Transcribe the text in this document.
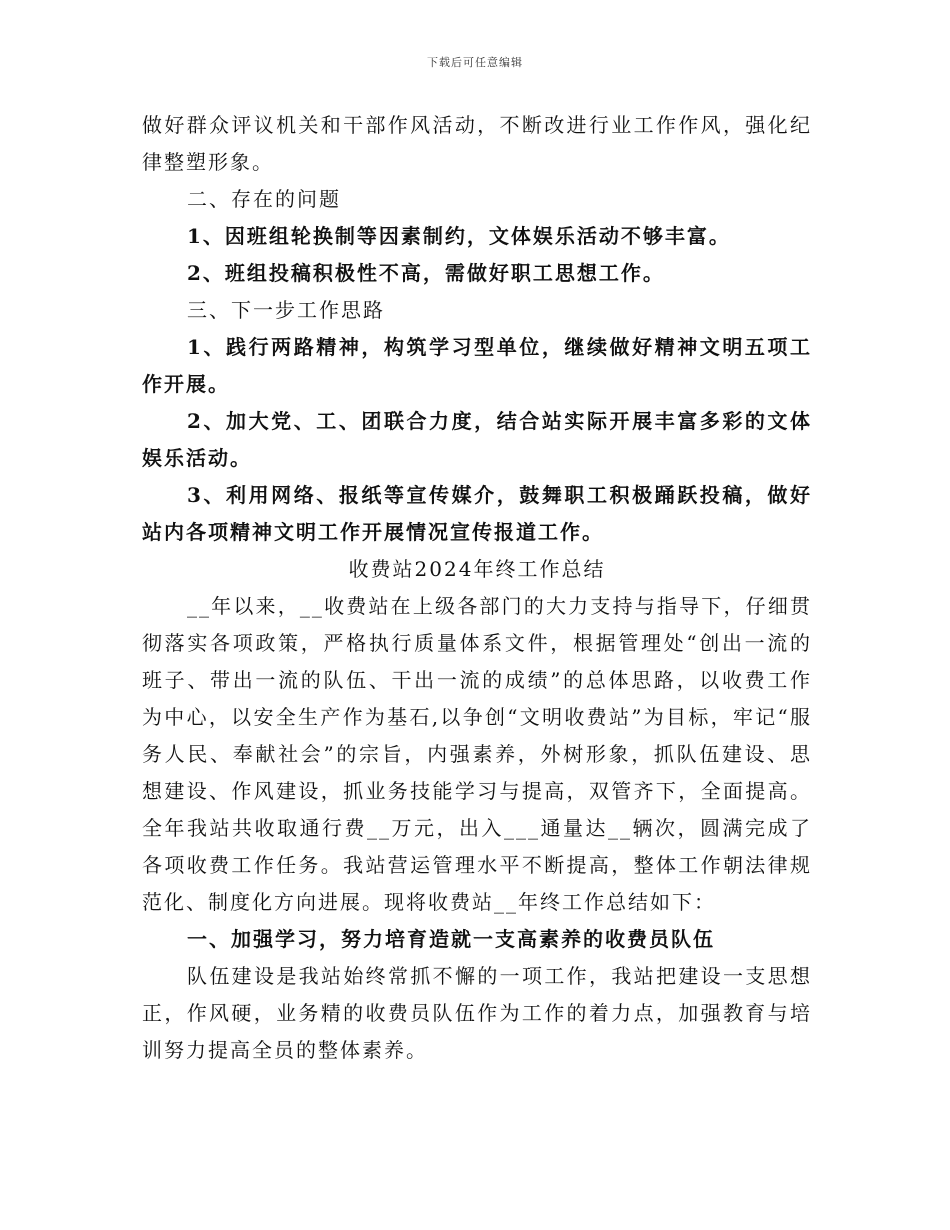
下载后可任意编辑

做好群众评议机关和干部作风活动，不断改进行业工作作风，强化纪律整塑形象。

二、存在的问题

1、因班组轮换制等因素制约，文体娱乐活动不够丰富。

2、班组投稿积极性不高，需做好职工思想工作。

三、下一步工作思路

1、践行两路精神，构筑学习型单位，继续做好精神文明五项工作开展。

2、加大党、工、团联合力度，结合站实际开展丰富多彩的文体娱乐活动。

3、利用网络、报纸等宣传媒介，鼓舞职工积极踊跃投稿，做好站内各项精神文明工作开展情况宣传报道工作。

收费站2024年终工作总结

__年以来，__收费站在上级各部门的大力支持与指导下，仔细贯彻落实各项政策，严格执行质量体系文件，根据管理处“创出一流的班子、带出一流的队伍、干出一流的成绩”的总体思路，以收费工作为中心，以安全生产作为基石,以争创“文明收费站”为目标，牢记“服务人民、奉献社会”的宗旨，内强素养，外树形象，抓队伍建设、思想建设、作风建设，抓业务技能学习与提高，双管齐下，全面提高。全年我站共收取通行费__万元，出入___通量达__辆次，圆满完成了各项收费工作任务。我站营运管理水平不断提高，整体工作朝法律规范化、制度化方向进展。现将收费站__年终工作总结如下：

一、加强学习，努力培育造就一支高素养的收费员队伍

队伍建设是我站始终常抓不懈的一项工作，我站把建设一支思想正，作风硬，业务精的收费员队伍作为工作的着力点，加强教育与培训努力提高全员的整体素养。
